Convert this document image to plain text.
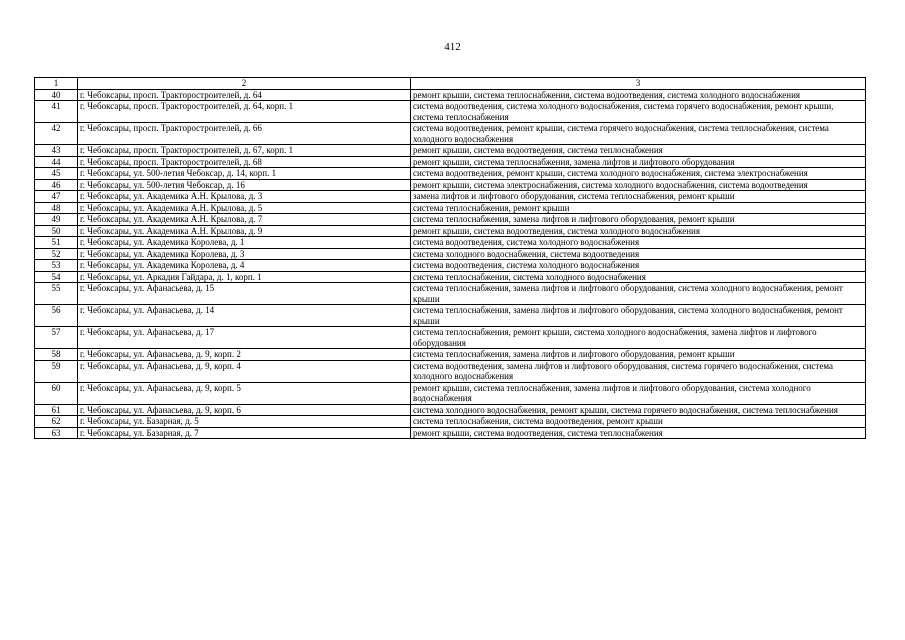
412
1	2	3
40	г. Чебоксары, просп. Тракторостроителей, д. 64	ремонт крыши, система теплоснабжения, система водоотведения, система холодного водоснабжения

41	г. Чебоксары, просп. Тракторостроителей, д. 64, корп. 1	система водоотведения, система холодного водоснабжения, система горячего водоснабжения, ремонт крыши, система теплоснабжения

42	г. Чебоксары, просп. Тракторостроителей, д. 66	система водоотведения, ремонт крыши, система горячего водоснабжения, система теплоснабжения, система холодного водоснабжения

43	г. Чебоксары, просп. Тракторостроителей, д. 67, корп. 1	ремонт крыши, система водоотведения, система теплоснабжения

44	г. Чебоксары, просп. Тракторостроителей, д. 68	ремонт крыши, система теплоснабжения, замена лифтов и лифтового оборудования

45	г. Чебоксары, ул. 500-летия Чебоксар, д. 14, корп. 1	система водоотведения, ремонт крыши, система холодного водоснабжения, система электроснабжения

46	г. Чебоксары, ул. 500-летия Чебоксар, д. 16	ремонт крыши, система электроснабжения, система холодного водоснабжения, система водоотведения

47	г. Чебоксары, ул. Академика А.Н. Крылова, д. 3	замена лифтов и лифтового оборудования, система теплоснабжения, ремонт крыши

48	г. Чебоксары, ул. Академика А.Н. Крылова, д. 5	система теплоснабжения, ремонт крыши

49	г. Чебоксары, ул. Академика А.Н. Крылова, д. 7	система теплоснабжения, замена лифтов и лифтового оборудования, ремонт крыши

50	г. Чебоксары, ул. Академика А.Н. Крылова, д. 9	ремонт крыши, система водоотведения, система холодного водоснабжения

51	г. Чебоксары, ул. Академика Королева, д. 1	система водоотведения, система холодного водоснабжения

52	г. Чебоксары, ул. Академика Королева, д. 3	система холодного водоснабжения, система водоотведения

53	г. Чебоксары, ул. Академика Королева, д. 4	система водоотведения, система холодного водоснабжения

54	г. Чебоксары, ул. Аркадия Гайдара, д. 1, корп. 1	система теплоснабжения, система холодного водоснабжения

55	г. Чебоксары, ул. Афанасьева, д. 15	система теплоснабжения, замена лифтов и лифтового оборудования, система холодного водоснабжения, ремонт крыши

56	г. Чебоксары, ул. Афанасьева, д. 14	система теплоснабжения, замена лифтов и лифтового оборудования, система холодного водоснабжения, ремонт крыши

57	г. Чебоксары, ул. Афанасьева, д. 17	система теплоснабжения, ремонт крыши, система холодного водоснабжения, замена лифтов и лифтового оборудования

58	г. Чебоксары, ул. Афанасьева, д. 9, корп. 2	система теплоснабжения, замена лифтов и лифтового оборудования, ремонт крыши

59	г. Чебоксары, ул. Афанасьева, д. 9, корп. 4	система водоотведения, замена лифтов и лифтового оборудования, система горячего водоснабжения, система холодного водоснабжения

60	г. Чебоксары, ул. Афанасьева, д. 9, корп. 5	ремонт крыши, система теплоснабжения, замена лифтов и лифтового оборудования, система холодного водоснабжения

61	г. Чебоксары, ул. Афанасьева, д. 9, корп. 6	система холодного водоснабжения, ремонт крыши, система горячего водоснабжения, система теплоснабжения

62	г. Чебоксары, ул. Базарная, д. 5	система теплоснабжения, система водоотведения, ремонт крыши

63	г. Чебоксары, ул. Базарная, д. 7	ремонт крыши, система водоотведения, система теплоснабжения
